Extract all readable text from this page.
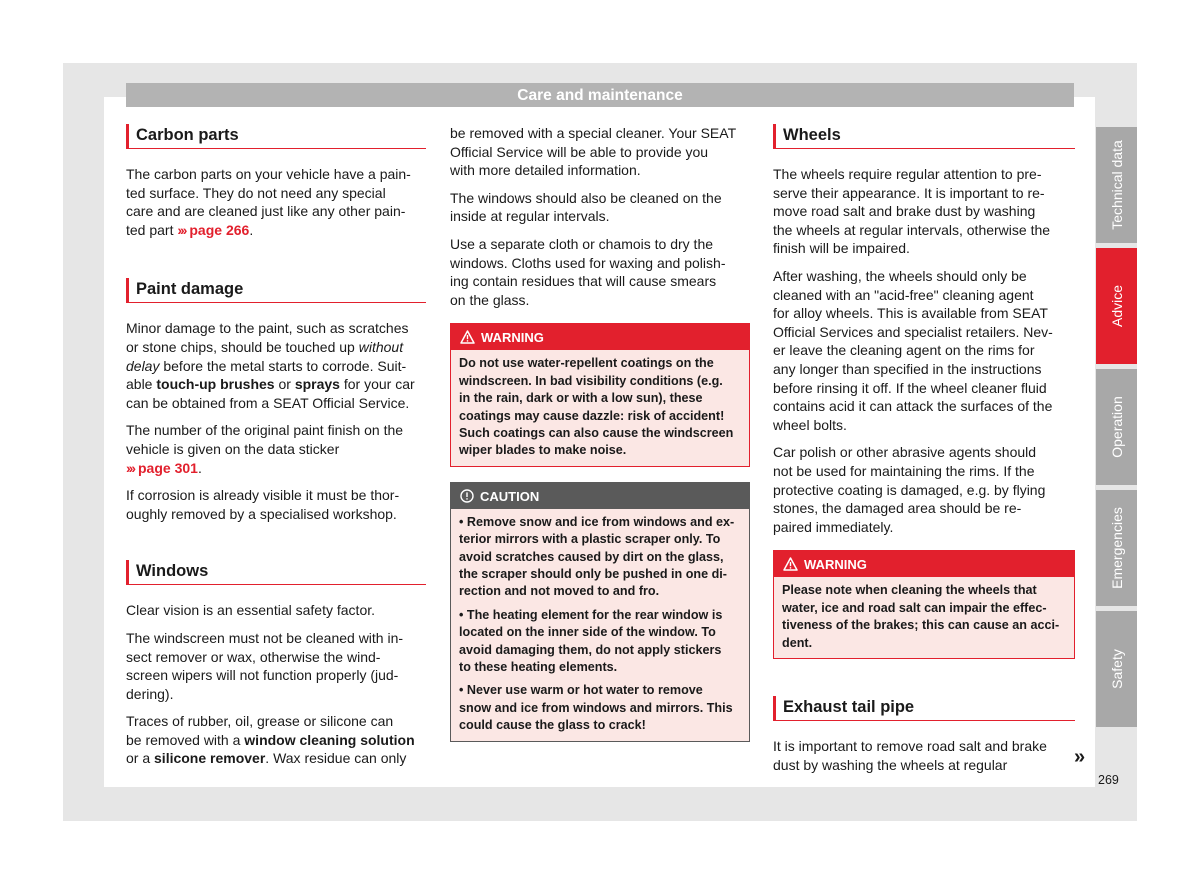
Care and maintenance
Carbon parts

The carbon parts on your vehicle have a pain-
ted surface. They do not need any special
care and are cleaned just like any other pain-
ted part ››› page 266.

Paint damage

Minor damage to the paint, such as scratches
or stone chips, should be touched up without
delay before the metal starts to corrode. Suit-
able touch-up brushes or sprays for your car
can be obtained from a SEAT Official Service.

The number of the original paint finish on the
vehicle is given on the data sticker
››› page 301.

If corrosion is already visible it must be thor-
oughly removed by a specialised workshop.

Windows

Clear vision is an essential safety factor.

The windscreen must not be cleaned with in-
sect remover or wax, otherwise the wind-
screen wipers will not function properly (jud-
dering).

Traces of rubber, oil, grease or silicone can
be removed with a window cleaning solution
or a silicone remover. Wax residue can only

be removed with a special cleaner. Your SEAT
Official Service will be able to provide you
with more detailed information.

The windows should also be cleaned on the
inside at regular intervals.

Use a separate cloth or chamois to dry the
windows. Cloths used for waxing and polish-
ing contain residues that will cause smears
on the glass.

WARNING
Do not use water-repellent coatings on the
windscreen. In bad visibility conditions (e.g.
in the rain, dark or with a low sun), these
coatings may cause dazzle: risk of accident!
Such coatings can also cause the windscreen
wiper blades to make noise.
CAUTION
• Remove snow and ice from windows and ex-
terior mirrors with a plastic scraper only. To
avoid scratches caused by dirt on the glass,
the scraper should only be pushed in one di-
rection and not moved to and fro.
• The heating element for the rear window is
located on the inner side of the window. To
avoid damaging them, do not apply stickers
to these heating elements.
• Never use warm or hot water to remove
snow and ice from windows and mirrors. This
could cause the glass to crack!
Wheels

The wheels require regular attention to pre-
serve their appearance. It is important to re-
move road salt and brake dust by washing
the wheels at regular intervals, otherwise the
finish will be impaired.

After washing, the wheels should only be
cleaned with an "acid-free" cleaning agent
for alloy wheels. This is available from SEAT
Official Services and specialist retailers. Nev-
er leave the cleaning agent on the rims for
any longer than specified in the instructions
before rinsing it off. If the wheel cleaner fluid
contains acid it can attack the surfaces of the
wheel bolts.

Car polish or other abrasive agents should
not be used for maintaining the rims. If the
protective coating is damaged, e.g. by flying
stones, the damaged area should be re-
paired immediately.

WARNING
Please note when cleaning the wheels that
water, ice and road salt can impair the effec-
tiveness of the brakes; this can cause an acci-
dent.
Exhaust tail pipe

It is important to remove road salt and brake
dust by washing the wheels at regular	»
Technical data
Advice
Operation
Emergencies
Safety
269
